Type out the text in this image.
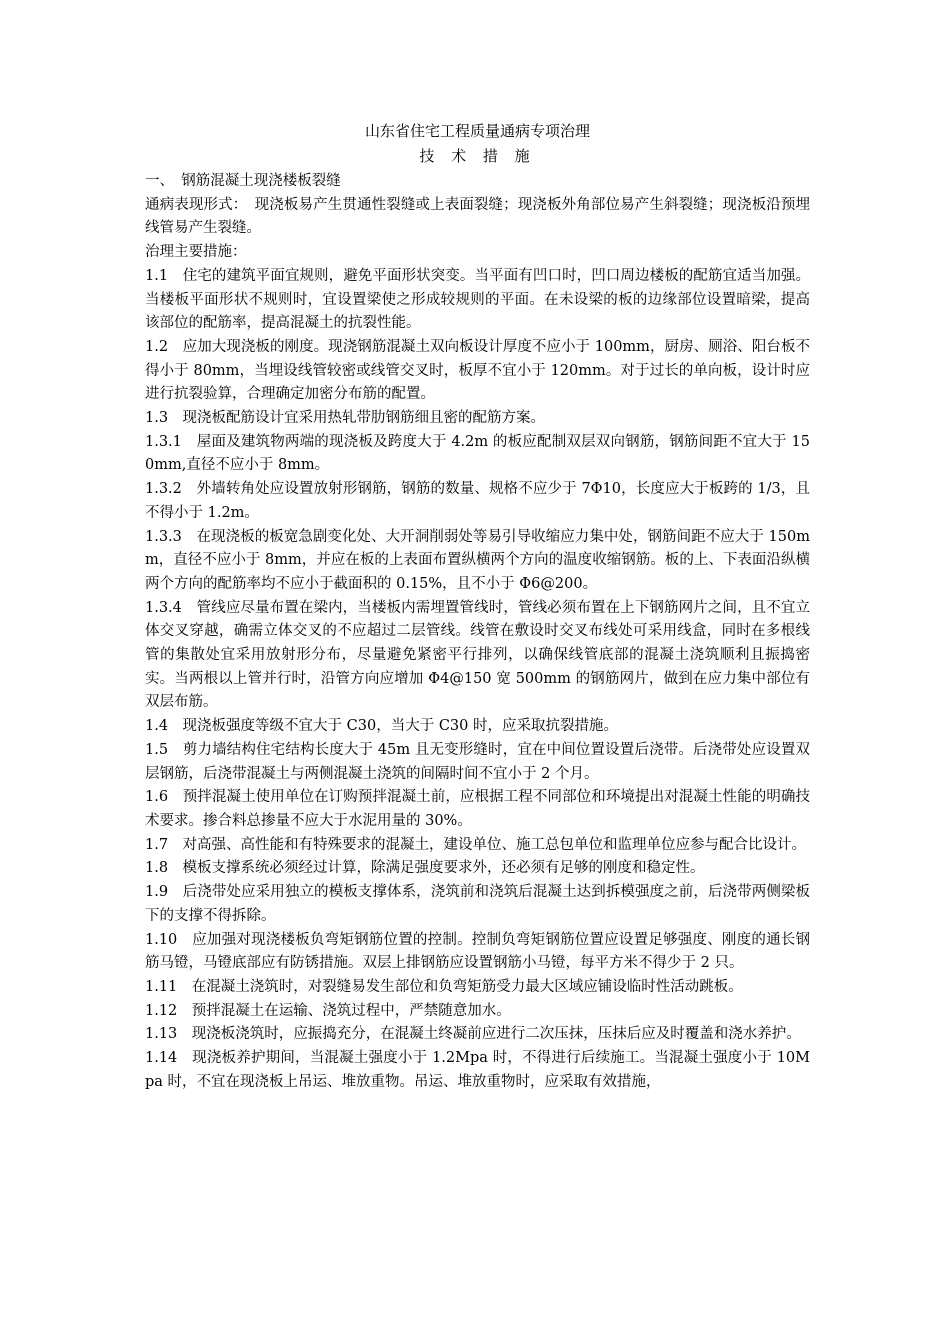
山东省住宅工程质量通病专项治理
技 术 措 施

一、　钢筋混凝土现浇楼板裂缝

通病表现形式：　现浇板易产生贯通性裂缝或上表面裂缝；现浇板外角部位易产生斜裂缝；现浇板沿预埋线管易产生裂缝。

治理主要措施：

1.1　住宅的建筑平面宜规则，避免平面形状突变。当平面有凹口时，凹口周边楼板的配筋宜适当加强。当楼板平面形状不规则时，宜设置梁使之形成较规则的平面。在未设梁的板的边缘部位设置暗梁，提高该部位的配筋率，提高混凝土的抗裂性能。

1.2　应加大现浇板的刚度。现浇钢筋混凝土双向板设计厚度不应小于 100mm，厨房、厕浴、阳台板不得小于 80mm，当埋设线管较密或线管交叉时，板厚不宜小于 120mm。对于过长的单向板，设计时应进行抗裂验算，合理确定加密分布筋的配置。

1.3　现浇板配筋设计宜采用热轧带肋钢筋细且密的配筋方案。

1.3.1　屋面及建筑物两端的现浇板及跨度大于 4.2m 的板应配制双层双向钢筋，钢筋间距不宜大于 150mm,直径不应小于 8mm。

1.3.2　外墙转角处应设置放射形钢筋，钢筋的数量、规格不应少于 7Φ10，长度应大于板跨的 1/3，且不得小于 1.2m。

1.3.3　在现浇板的板宽急剧变化处、大开洞削弱处等易引导收缩应力集中处，钢筋间距不应大于 150mm，直径不应小于 8mm，并应在板的上表面布置纵横两个方向的温度收缩钢筋。板的上、下表面沿纵横两个方向的配筋率均不应小于截面积的 0.15%，且不小于 Φ6@200。

1.3.4　管线应尽量布置在梁内，当楼板内需埋置管线时，管线必须布置在上下钢筋网片之间，且不宜立体交叉穿越，确需立体交叉的不应超过二层管线。线管在敷设时交叉布线处可采用线盒，同时在多根线管的集散处宜采用放射形分布，尽量避免紧密平行排列，以确保线管底部的混凝土浇筑顺利且振捣密实。当两根以上管并行时，沿管方向应增加 Φ4@150 宽 500mm 的钢筋网片，做到在应力集中部位有双层布筋。

1.4　现浇板强度等级不宜大于 C30，当大于 C30 时，应采取抗裂措施。

1.5　剪力墙结构住宅结构长度大于 45m 且无变形缝时，宜在中间位置设置后浇带。后浇带处应设置双层钢筋，后浇带混凝土与两侧混凝土浇筑的间隔时间不宜小于 2 个月。

1.6　预拌混凝土使用单位在订购预拌混凝土前，应根据工程不同部位和环境提出对混凝土性能的明确技术要求。掺合料总掺量不应大于水泥用量的 30%。

1.7　对高强、高性能和有特殊要求的混凝土，建设单位、施工总包单位和监理单位应参与配合比设计。

1.8　模板支撑系统必须经过计算，除满足强度要求外，还必须有足够的刚度和稳定性。

1.9　后浇带处应采用独立的模板支撑体系，浇筑前和浇筑后混凝土达到拆模强度之前，后浇带两侧梁板下的支撑不得拆除。

1.10　应加强对现浇楼板负弯矩钢筋位置的控制。控制负弯矩钢筋位置应设置足够强度、刚度的通长钢筋马镫，马镫底部应有防锈措施。双层上排钢筋应设置钢筋小马镫，每平方米不得少于 2 只。

1.11　在混凝土浇筑时，对裂缝易发生部位和负弯矩筋受力最大区域应铺设临时性活动跳板。

1.12　预拌混凝土在运输、浇筑过程中，严禁随意加水。

1.13　现浇板浇筑时，应振捣充分，在混凝土终凝前应进行二次压抹，压抹后应及时覆盖和浇水养护。

1.14　现浇板养护期间，当混凝土强度小于 1.2Mpa 时，不得进行后续施工。当混凝土强度小于 10Mpa 时，不宜在现浇板上吊运、堆放重物。吊运、堆放重物时，应采取有效措施，
